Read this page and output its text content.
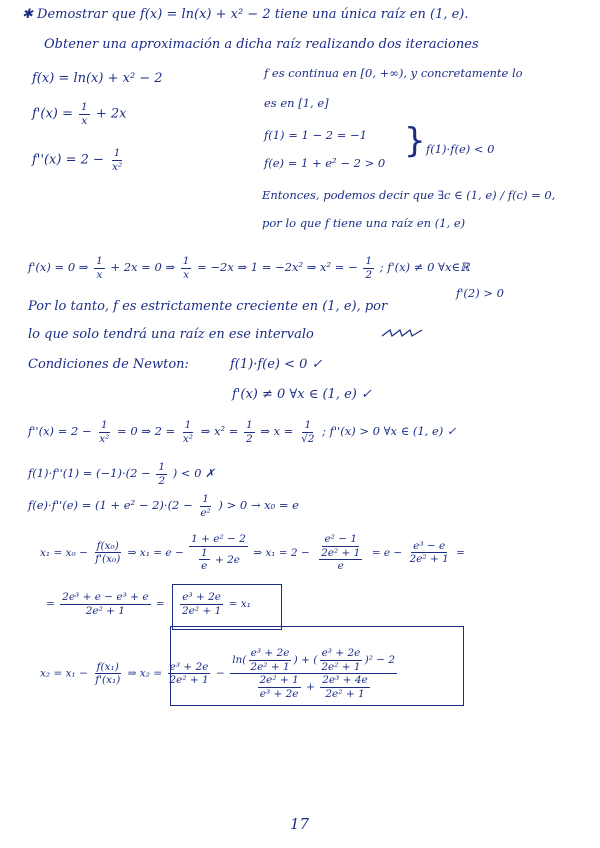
✱ Demostrar que f(x) = ln(x) + x² − 2 tiene una única raíz en (1, e).
Obtener una aproximación a dicha raíz realizando dos iteraciones
f(x) = ln(x) + x² − 2
$f'(x) = \frac{1}{x} + 2x$
$f''(x) = 2 - \frac{1}{\text{x²}}$
f es continua en [0, +∞), y concretamente lo
es en [1, e]
f(1) = 1 − 2 = −1
f(e) = 1 + e² − 2 > 0
} f(1)·f(e) < 0
Entonces, podemos decir que ∃c ∈ (1, e) / f(c) = 0,
por lo que f tiene una raíz en (1, e)
f'(x) = 0 ⇒ $\frac{1}{x} + 2x = 0$ ⇒ $\frac{1}{x} = -2x$ ⇒ 1 = −2x² ⇒ x² = − $\frac{1}{2}$ ; f'(x) ≠ 0 ∀x∈ℝ
f'(2) > 0
Por lo tanto, f es estrictamente creciente en (1, e), por
lo que solo tendrá una raíz en ese intervalo
Condiciones de Newton:	f(1)·f(e) < 0 ✓
f'(x) ≠ 0 ∀x ∈ (1, e) ✓
$f''(x) = 2 - \frac{1}{\text{x²}} = 0$ ⇒ $2 = \frac{1}{\text{x²}}$ ⇒ $x^2 = \frac{1}{2}$ ⇒ $x = \frac{1}{√2}$ ; f''(x) > 0 ∀x ∈ (1, e) ✓
$f(1)\cdot f''(1) = (-1)\cdot(2 - \frac{1}{2}$ ) < 0 ✗
$f(e)\cdot f''(e) = (1 + e^2 - 2)\cdot(2 - \frac{1}{\text{e²}}$ ) > 0 → x₀ = e
$x_1 = x_0 - \frac{\text{f(x₀)}}{\text{f'(x₀)}}$ ⇒ $x_1 = e - \frac{\text{1 + e² − 2}}{\frac{1}{e} + 2e}$ ⇒ $x_1 = 2 - \frac{\text{e² − 1}}{\frac{\text{2e² + 1}}{e}} = e - \frac{\text{e³ − e}}{\text{2e² + 1}}$ =
= $\frac{\text{2e³ + e − e³ + e}}{\text{2e² + 1}} = \frac{\text{e³ + 2e}}{\text{2e² + 1}} = x_1$
$x_2 = x_1 - \frac{\text{f(x₁)}}{\text{f'(x₁)}}$ ⇒ $x_2 = \frac{\text{e³ + 2e}}{\text{2e² + 1}} - \frac{\ln( \frac{\text{e³ + 2e}}{\text{2e² + 1}} ) + ( \frac{\text{e³ + 2e}}{\text{2e² + 1}} )^2 - 2}{\frac{\text{2e² + 1}}{\text{e³ + 2e}} + \frac{\text{2e³ + 4e}}{\text{2e² + 1}}}$
17
